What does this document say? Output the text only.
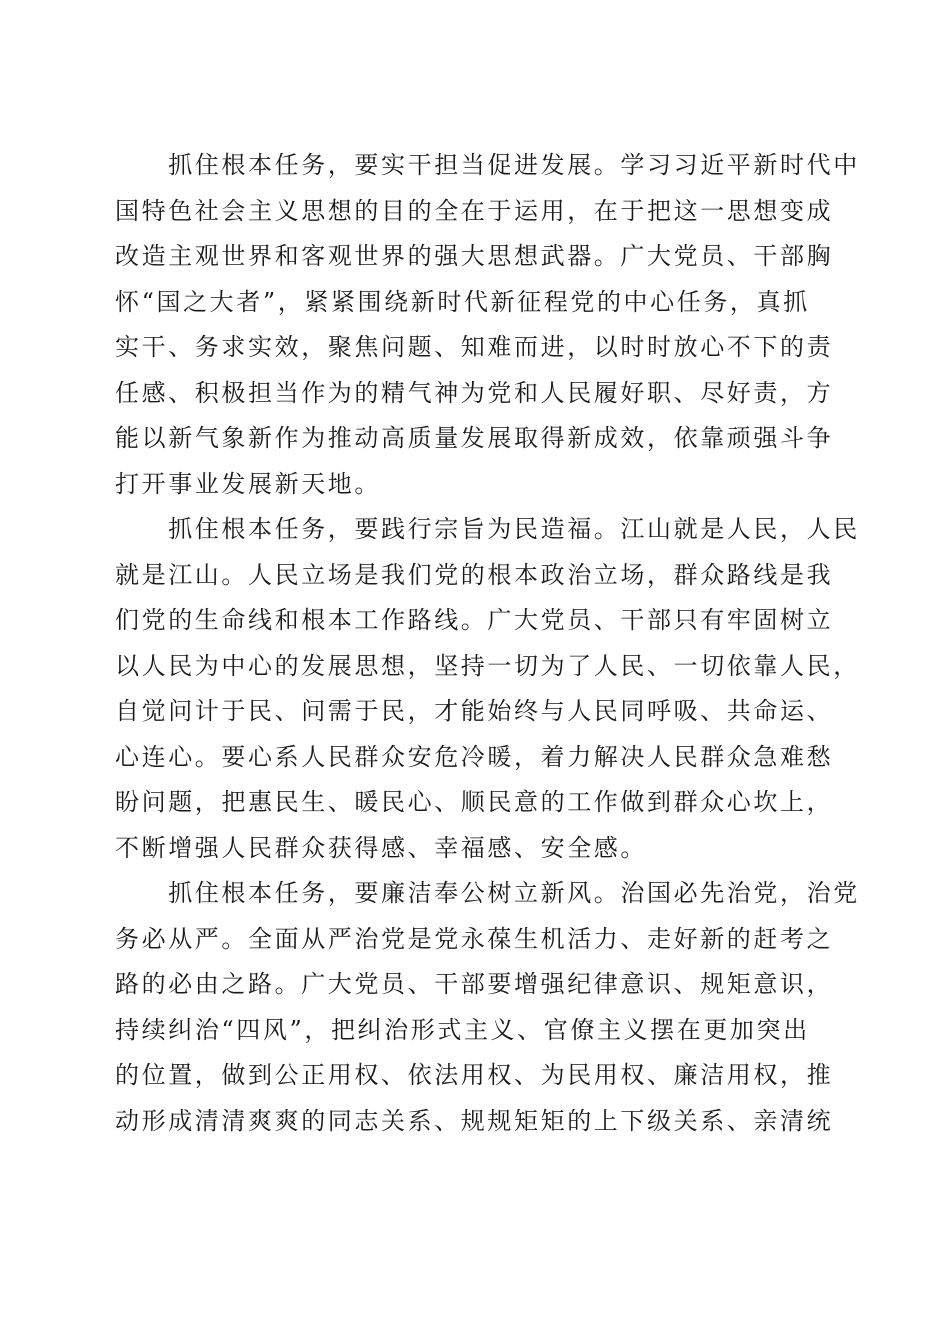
　　抓住根本任务，要实干担当促进发展。学习习近平新时代中
国特色社会主义思想的目的全在于运用，在于把这一思想变成
改造主观世界和客观世界的强大思想武器。广大党员、干部胸
怀“国之大者”，紧紧围绕新时代新征程党的中心任务，真抓
实干、务求实效，聚焦问题、知难而进，以时时放心不下的责
任感、积极担当作为的精气神为党和人民履好职、尽好责，方
能以新气象新作为推动高质量发展取得新成效，依靠顽强斗争
打开事业发展新天地。
　　抓住根本任务，要践行宗旨为民造福。江山就是人民，人民
就是江山。人民立场是我们党的根本政治立场，群众路线是我
们党的生命线和根本工作路线。广大党员、干部只有牢固树立
以人民为中心的发展思想，坚持一切为了人民、一切依靠人民，
自觉问计于民、问需于民，才能始终与人民同呼吸、共命运、
心连心。要心系人民群众安危冷暖，着力解决人民群众急难愁
盼问题，把惠民生、暖民心、顺民意的工作做到群众心坎上，
不断增强人民群众获得感、幸福感、安全感。
　　抓住根本任务，要廉洁奉公树立新风。治国必先治党，治党
务必从严。全面从严治党是党永葆生机活力、走好新的赶考之
路的必由之路。广大党员、干部要增强纪律意识、规矩意识，
持续纠治“四风”，把纠治形式主义、官僚主义摆在更加突出
的位置，做到公正用权、依法用权、为民用权、廉洁用权，推
动形成清清爽爽的同志关系、规规矩矩的上下级关系、亲清统
